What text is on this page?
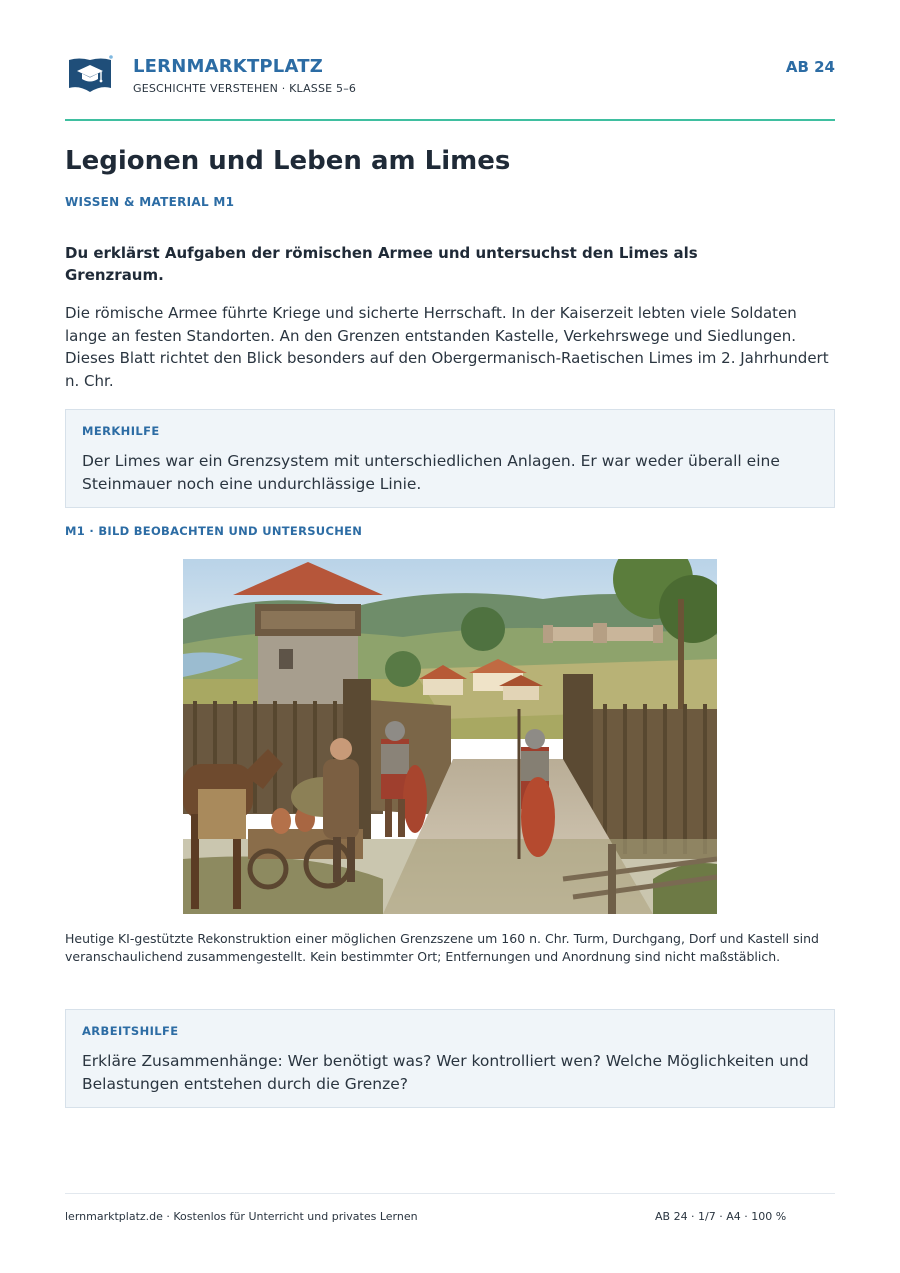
LERNMARKTPLATZ
GESCHICHTE VERSTEHEN · KLASSE 5–6
AB 24
Legionen und Leben am Limes
WISSEN & MATERIAL M1
Du erklärst Aufgaben der römischen Armee und untersuchst den Limes als Grenzraum.
Die römische Armee führte Kriege und sicherte Herrschaft. In der Kaiserzeit lebten viele Soldaten lange an festen Standorten. An den Grenzen entstanden Kastelle, Verkehrswege und Siedlungen. Dieses Blatt richtet den Blick besonders auf den Obergermanisch-Raetischen Limes im 2. Jahrhundert n. Chr.
MERKHILFE
Der Limes war ein Grenzsystem mit unterschiedlichen Anlagen. Er war weder überall eine Steinmauer noch eine undurchlässige Linie.
M1 · BILD BEOBACHTEN UND UNTERSUCHEN
Heutige KI-gestützte Rekonstruktion einer möglichen Grenzszene um 160 n. Chr. Turm, Durchgang, Dorf und Kastell sind veranschaulichend zusammengestellt. Kein bestimmter Ort; Entfernungen und Anordnung sind nicht maßstäblich.
ARBEITSHILFE
Erkläre Zusammenhänge: Wer benötigt was? Wer kontrolliert wen? Welche Möglichkeiten und Belastungen entstehen durch die Grenze?
lernmarktplatz.de · Kostenlos für Unterricht und privates Lernen	AB 24 · 1/7 · A4 · 100 %
